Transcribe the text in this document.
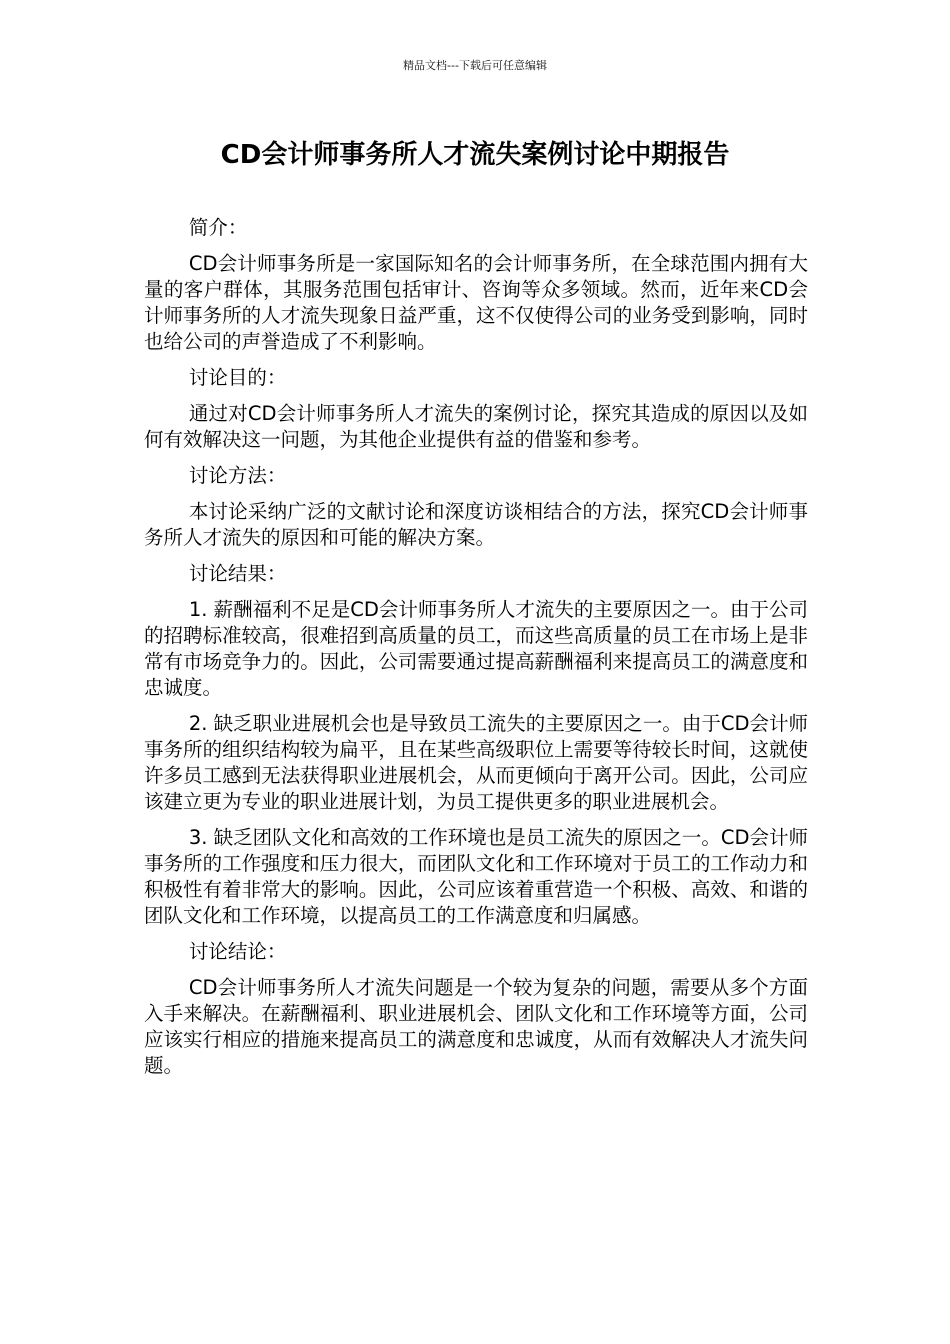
精品文档---下载后可任意编辑
CD会计师事务所人才流失案例讨论中期报告

简介：

CD会计师事务所是一家国际知名的会计师事务所，在全球范围内拥有大量的客户群体，其服务范围包括审计、咨询等众多领域。然而，近年来CD会计师事务所的人才流失现象日益严重，这不仅使得公司的业务受到影响，同时也给公司的声誉造成了不利影响。

讨论目的：

通过对CD会计师事务所人才流失的案例讨论，探究其造成的原因以及如何有效解决这一问题，为其他企业提供有益的借鉴和参考。

讨论方法：

本讨论采纳广泛的文献讨论和深度访谈相结合的方法，探究CD会计师事务所人才流失的原因和可能的解决方案。

讨论结果：

1. 薪酬福利不足是CD会计师事务所人才流失的主要原因之一。由于公司的招聘标准较高，很难招到高质量的员工，而这些高质量的员工在市场上是非常有市场竞争力的。因此，公司需要通过提高薪酬福利来提高员工的满意度和忠诚度。

2. 缺乏职业进展机会也是导致员工流失的主要原因之一。由于CD会计师事务所的组织结构较为扁平，且在某些高级职位上需要等待较长时间，这就使许多员工感到无法获得职业进展机会，从而更倾向于离开公司。因此，公司应该建立更为专业的职业进展计划，为员工提供更多的职业进展机会。

3. 缺乏团队文化和高效的工作环境也是员工流失的原因之一。CD会计师事务所的工作强度和压力很大，而团队文化和工作环境对于员工的工作动力和积极性有着非常大的影响。因此，公司应该着重营造一个积极、高效、和谐的团队文化和工作环境，以提高员工的工作满意度和归属感。

讨论结论：

CD会计师事务所人才流失问题是一个较为复杂的问题，需要从多个方面入手来解决。在薪酬福利、职业进展机会、团队文化和工作环境等方面，公司应该实行相应的措施来提高员工的满意度和忠诚度，从而有效解决人才流失问题。
